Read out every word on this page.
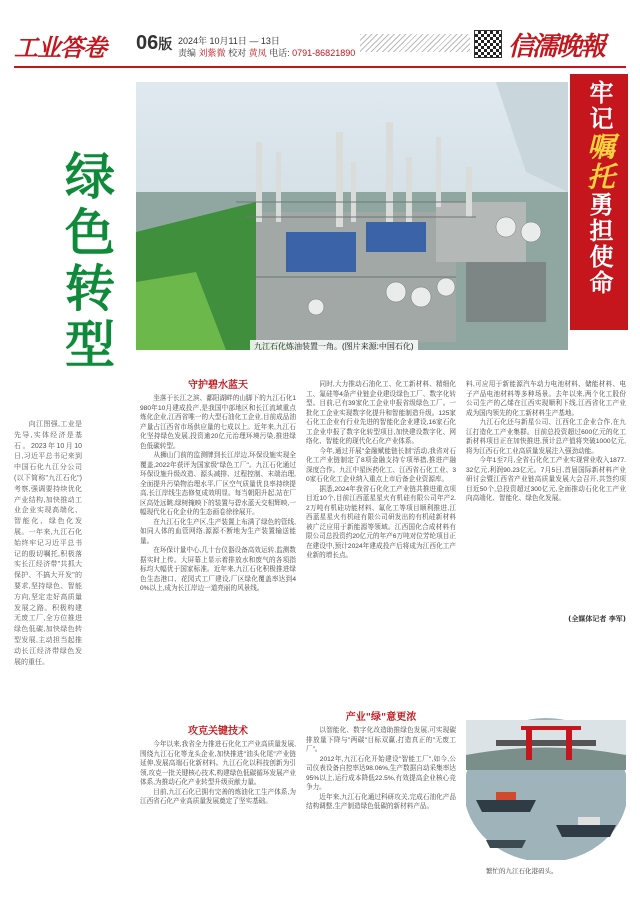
工业答卷	06版 2024年 10月11日 — 13日
责编 刘紫微 校对 黄凤 电话: 0791-86821890	信濡晚報
九江石化炼油装置一角。(图片来源:中国石化)
牢记嘱托勇担使命
绿色转型
　　向江图强,工业是先导,实体经济是基石。2023年10月10日,习近平总书记来到中国石化九江分公司(以下简称"九江石化")考察,强调要持续优化产业结构,加快推动工业企业实现高端化、智能化、绿色化发展。一年来,九江石化始终牢记习近平总书记的殷切嘱托,积极落实长江经济带"共抓大保护、不搞大开发"的要求,坚持绿色、智能方向,坚定走好高质量发展之路。积极构建无废工厂,全方位推进绿色低碳,加快绿色转型发展,主动担当起推动长江经济带绿色发展的重任。
守护碧水蓝天
　　坐落于长江之滨、鄱阳湖畔的山脚下的九江石化1980年10月建成投产,是我国中部地区和长江流域重点炼化企业,江西省唯一的大型石油化工企业,目前成品油产量占江西省市场供应量的七成以上。近年来,九江石化坚持绿色发展,投资逾20亿元治理环境污染,推进绿色低碳转型。
　　从狮山门前的监测牌到长江岸边,环保设施实现全覆盖,2022年获评为国家级"绿色工厂"。九江石化通过环保设施升级改造、源头减排、过程控制、末端治理,全面提升污染物治理水平,厂区空气质量优良率持续提高,长江岸线生态修复成效明显。每当朝阳升起,站在厂区高处远眺,绿树掩映下的装置与碧水蓝天交相辉映,一幅现代化石化企业的生态画卷徐徐展开。
　　在九江石化生产区,生产装置上布满了绿色的管线,如同人体的血管网络,源源不断地为生产装置输送能量。
　　在环保计量中心,几十台仪器设备高效运转,监测数据实时上传。大屏幕上显示着排放水和废气的各项指标均大幅优于国家标准。近年来,九江石化积极推进绿色生态港口、花园式工厂建设,厂区绿化覆盖率达到40%以上,成为长江岸边一道亮丽的风景线。
攻克关键技术
　　今年以来,我省全力推进石化化工产业高质量发展,围绕九江石化等龙头企业,加快推进"油头化尾"产业链延伸,发展高端石化新材料。九江石化以科技创新为引领,攻克一批关键核心技术,构建绿色低碳循环发展产业体系,为推动石化产业转型升级贡献力量。
　　目前,九江石化已拥有完善的炼油化工生产体系,为江西省石化产业高质量发展奠定了坚实基础。
　　同时,大力推动石油化工、化工新材料、精细化工、氟硅等4条产业链企业建设绿色工厂、数字化转型。目前,已有39家化工企业申报省级绿色工厂。一批化工企业实现数字化提升和智能制造升级。125家石化工企业有行业先进的智能化企业建设,16家石化工企业申报了数字化转型项目,加快建设数字化、网络化、智能化的现代化石化产业体系。
　　今年,通过开展"金融赋能链长制"活动,我省对石化工产业链制定了8项金融支持专项举措,推进产融深度合作。九江中星医药化工、江西省石化工业、30家石化化工企业纳入重点上市后备企业资源库。
　　据悉,2024年我省石化化工产业链共推进重点项目近10个,目前江西蓝星星火有机硅有限公司年产2.2万吨有机硅功能材料、氟化工等项目顺利推进,江西蓝星星火有机硅有限公司研发出的有机硅新材料被广泛应用于新能源等领域。江西国化合成材料有限公司总投资约20亿元的年产6万吨对位芳纶项目正在建设中,预计2024年建成投产后将成为江西化工产业新的增长点。
产业"绿"意更浓
　　以智能化、数字化改造助推绿色发展,可实现碳排放量下降与"两碳"目标双赢,打造真正的"无废工厂"。
　　2012年,九江石化开始建设"智能工厂",如今,公司仪表设备自控率达98.06%,生产数据自动采集率达95%以上,运行成本降低22.5%,有效提高企业核心竞争力。
　　近年来,九江石化通过科研攻关,完成石油化产品结构调整,生产制造绿色低碳的新材料产品。
料,可应用于新能源汽车动力电池材料、储能材料、电子产品电池材料等多种场景。去年以来,两个化工股份公司生产的乙烯在江西实现顺利下线,江西省化工产业成为国内领先的化工新材料生产基地。
　　九江石化还与新星公司、江西化工企业合作,在九江打造化工产业集群。目前总投资超过600亿元的化工新材料项目正在加快推进,预计总产值将突破1000亿元,将为江西石化工业高质量发展注入强劲动能。
　　今年1至7月,全省石化化工产业实现营业收入1877.32亿元,利润90.23亿元。7月5日,首届国际新材料产业研讨会暨江西省产业链高质量发展大会召开,共签约项目近50个,总投资超过300亿元,全面推动石化化工产业向高端化、智能化、绿色化发展。
(全媒体记者 李军)
繁忙的九江石化港码头。
